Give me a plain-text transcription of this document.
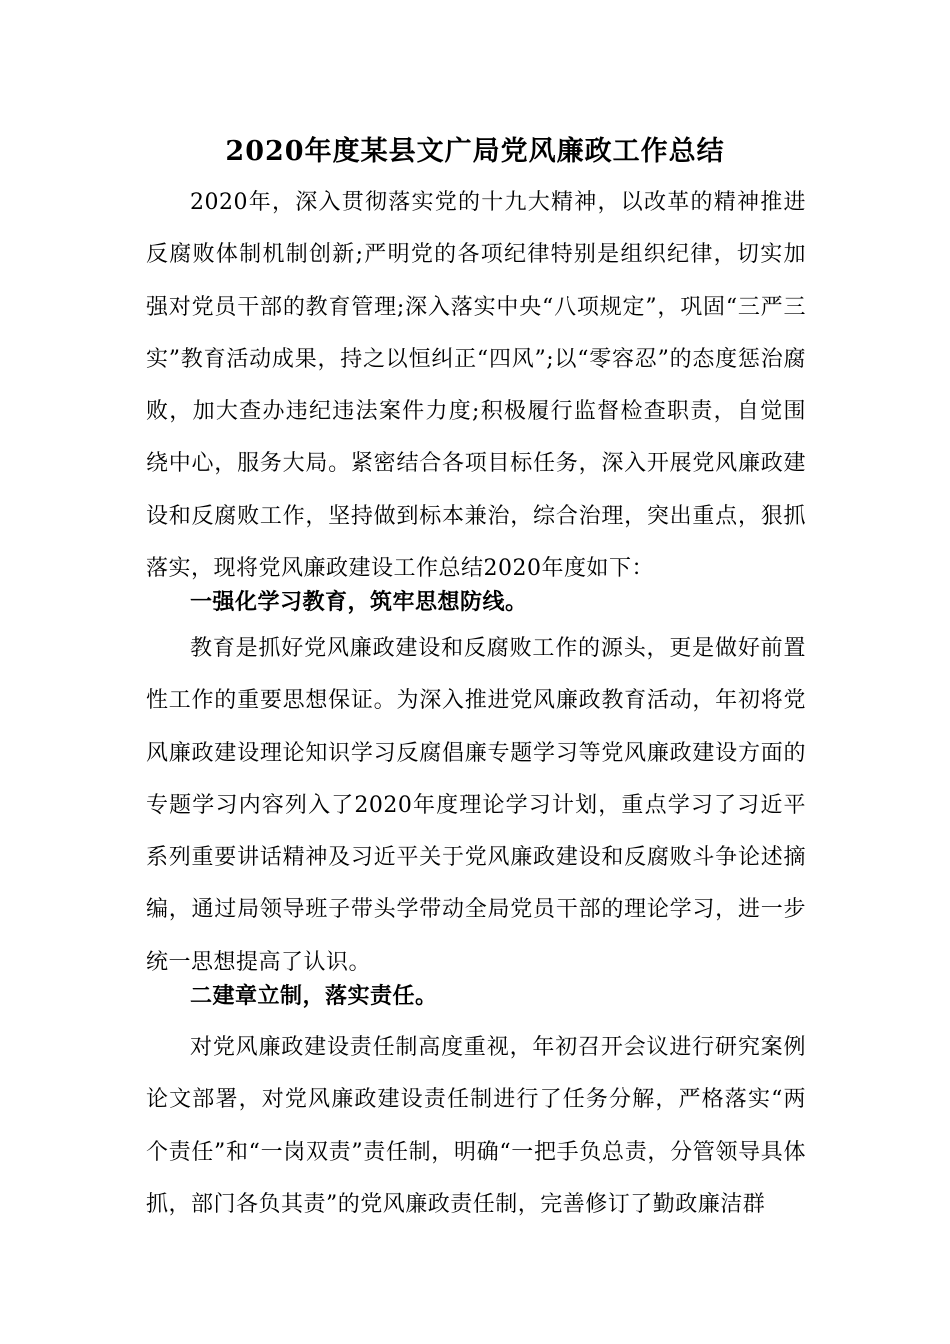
2020年度某县文广局党风廉政工作总结

2020年，深入贯彻落实党的十九大精神，以改革的精神推进反腐败体制机制创新;严明党的各项纪律特别是组织纪律，切实加强对党员干部的教育管理;深入落实中央“八项规定”，巩固“三严三实”教育活动成果，持之以恒纠正“四风”;以“零容忍”的态度惩治腐败，加大查办违纪违法案件力度;积极履行监督检查职责，自觉围绕中心，服务大局。紧密结合各项目标任务，深入开展党风廉政建设和反腐败工作，坚持做到标本兼治，综合治理，突出重点，狠抓落实，现将党风廉政建设工作总结2020年度如下：

一强化学习教育，筑牢思想防线。

教育是抓好党风廉政建设和反腐败工作的源头，更是做好前置性工作的重要思想保证。为深入推进党风廉政教育活动，年初将党风廉政建设理论知识学习反腐倡廉专题学习等党风廉政建设方面的专题学习内容列入了2020年度理论学习计划，重点学习了习近平系列重要讲话精神及习近平关于党风廉政建设和反腐败斗争论述摘编，通过局领导班子带头学带动全局党员干部的理论学习，进一步统一思想提高了认识。

二建章立制，落实责任。

对党风廉政建设责任制高度重视，年初召开会议进行研究案例论文部署，对党风廉政建设责任制进行了任务分解，严格落实“两个责任”和“一岗双责”责任制，明确“一把手负总责，分管领导具体抓，部门各负其责”的党风廉政责任制，完善修订了勤政廉洁群
